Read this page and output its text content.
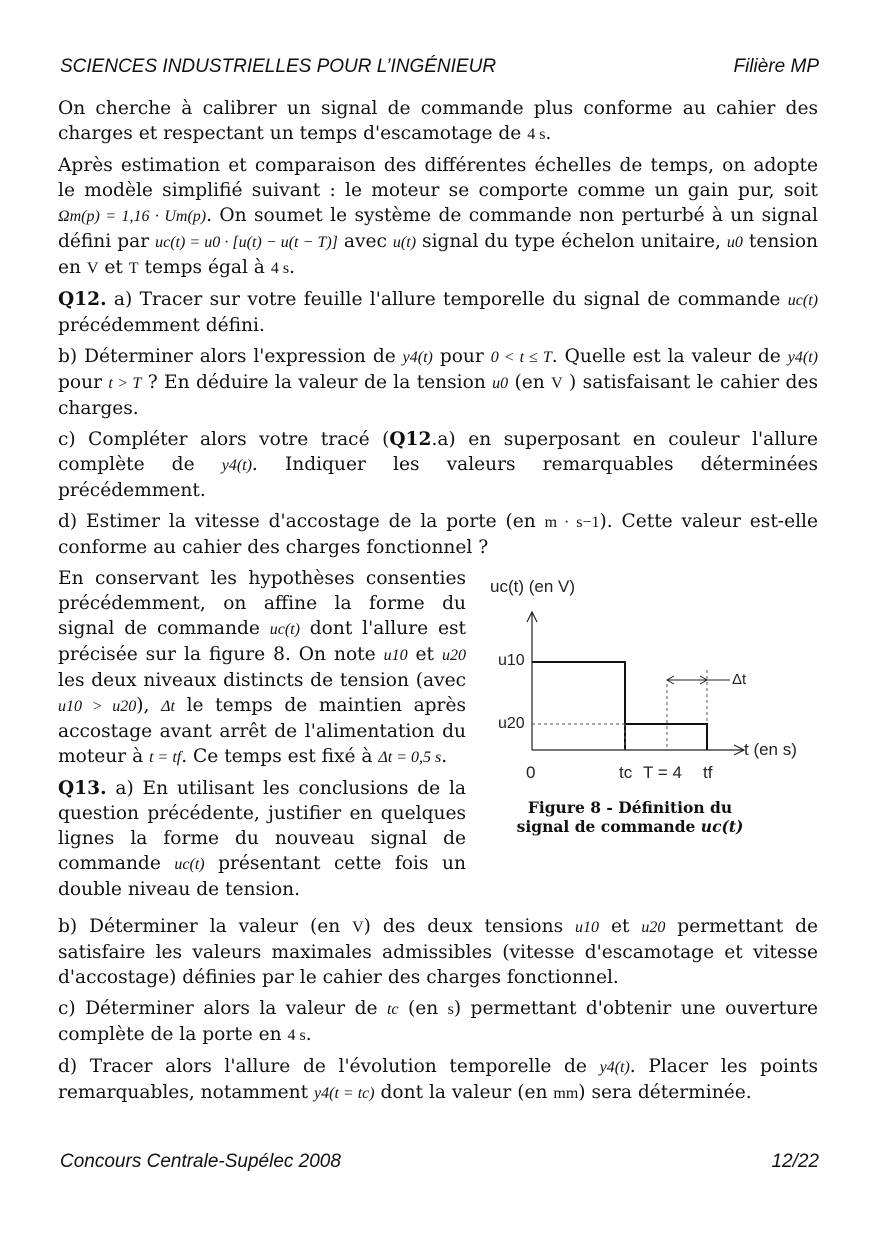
SCIENCES INDUSTRIELLES POUR L’INGÉNIEUR	Filière MP

On cherche à calibrer un signal de commande plus conforme au cahier des charges et respectant un temps d'escamotage de 4 s.

Après estimation et comparaison des différentes échelles de temps, on adopte le modèle simplifié suivant : le moteur se comporte comme un gain pur, soit Ωm(p) = 1,16 · Um(p). On soumet le système de commande non perturbé à un signal défini par uc(t) = u0 · [u(t) − u(t − T)] avec u(t) signal du type échelon unitaire, u0 tension en V et T temps égal à 4 s.

Q12. a) Tracer sur votre feuille l'allure temporelle du signal de commande uc(t) précédemment défini.

b) Déterminer alors l'expression de y4(t) pour 0 < t ≤ T. Quelle est la valeur de y4(t) pour t > T ? En déduire la valeur de la tension u0 (en V ) satisfaisant le cahier des charges.

c) Compléter alors votre tracé (Q12.a) en superposant en couleur l'allure complète de y4(t). Indiquer les valeurs remarquables déterminées précédemment.

d) Estimer la vitesse d'accostage de la porte (en m · s−1). Cette valeur est-elle conforme au cahier des charges fonctionnel ?

En conservant les hypothèses consenties précédemment, on affine la forme du signal de commande uc(t) dont l'allure est précisée sur la figure 8. On note u10 et u20 les deux niveaux distincts de tension (avec u10 > u20), Δt le temps de maintien après accostage avant arrêt de l'alimentation du moteur à t = tf. Ce temps est fixé à Δt = 0,5 s.

Q13. a) En utilisant les conclusions de la question précédente, justifier en quelques lignes la forme du nouveau signal de commande uc(t) présentant cette fois un double niveau de tension.

uc(t) (en V)
u10
u20
0	tc T = 4 tf
Δt
t (en s)
Figure 8 - Définition du
signal de commande uc(t)

b) Déterminer la valeur (en V) des deux tensions u10 et u20 permettant de satisfaire les valeurs maximales admissibles (vitesse d'escamotage et vitesse d'accostage) définies par le cahier des charges fonctionnel.

c) Déterminer alors la valeur de tc (en s) permettant d'obtenir une ouverture complète de la porte en 4 s.

d) Tracer alors l'allure de l'évolution temporelle de y4(t). Placer les points remarquables, notamment y4(t = tc) dont la valeur (en mm) sera déterminée.

Concours Centrale-Supélec 2008	12/22
